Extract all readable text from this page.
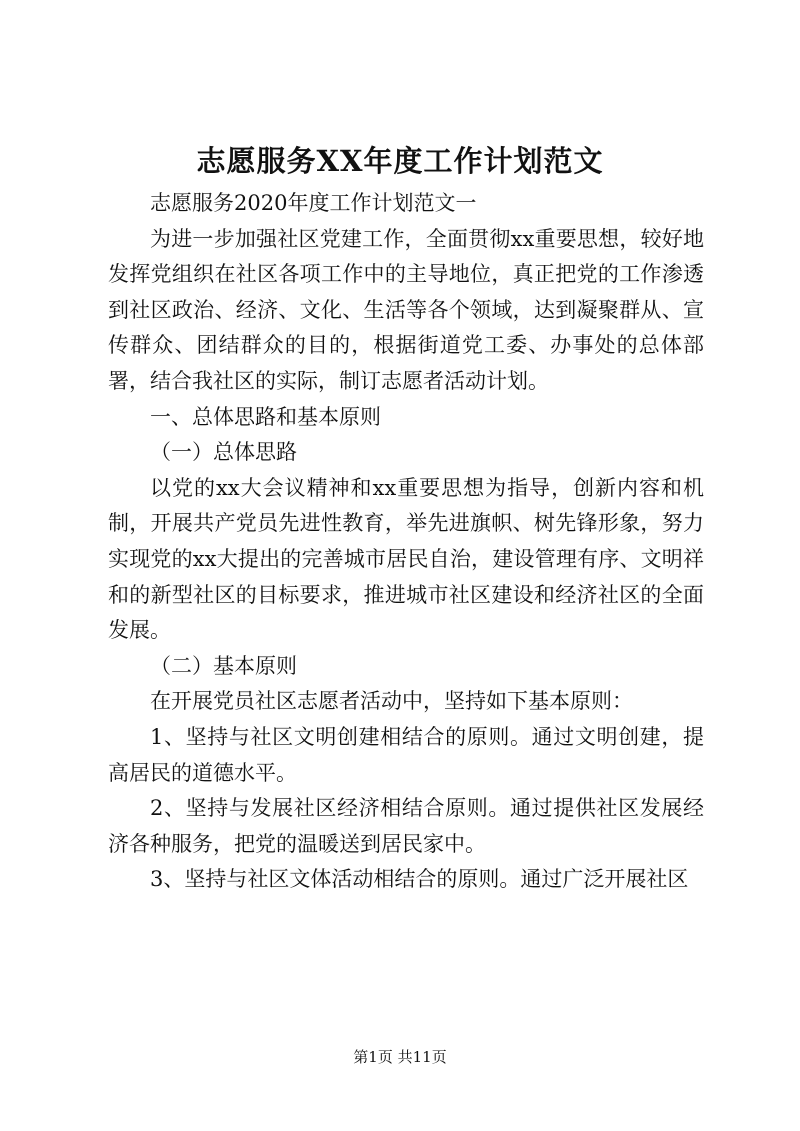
志愿服务XX年度工作计划范文

志愿服务2020年度工作计划范文一

为进一步加强社区党建工作，全面贯彻xx重要思想，较好地发挥党组织在社区各项工作中的主导地位，真正把党的工作渗透到社区政治、经济、文化、生活等各个领域，达到凝聚群从、宣传群众、团结群众的目的，根据街道党工委、办事处的总体部署，结合我社区的实际，制订志愿者活动计划。

一、总体思路和基本原则

（一）总体思路

以党的xx大会议精神和xx重要思想为指导，创新内容和机制，开展共产党员先进性教育，举先进旗帜、树先锋形象，努力实现党的xx大提出的完善城市居民自治，建设管理有序、文明祥和的新型社区的目标要求，推进城市社区建设和经济社区的全面发展。

（二）基本原则

在开展党员社区志愿者活动中，坚持如下基本原则：

1、坚持与社区文明创建相结合的原则。通过文明创建，提高居民的道德水平。

2、坚持与发展社区经济相结合原则。通过提供社区发展经济各种服务，把党的温暖送到居民家中。

3、坚持与社区文体活动相结合的原则。通过广泛开展社区

第1页 共11页
